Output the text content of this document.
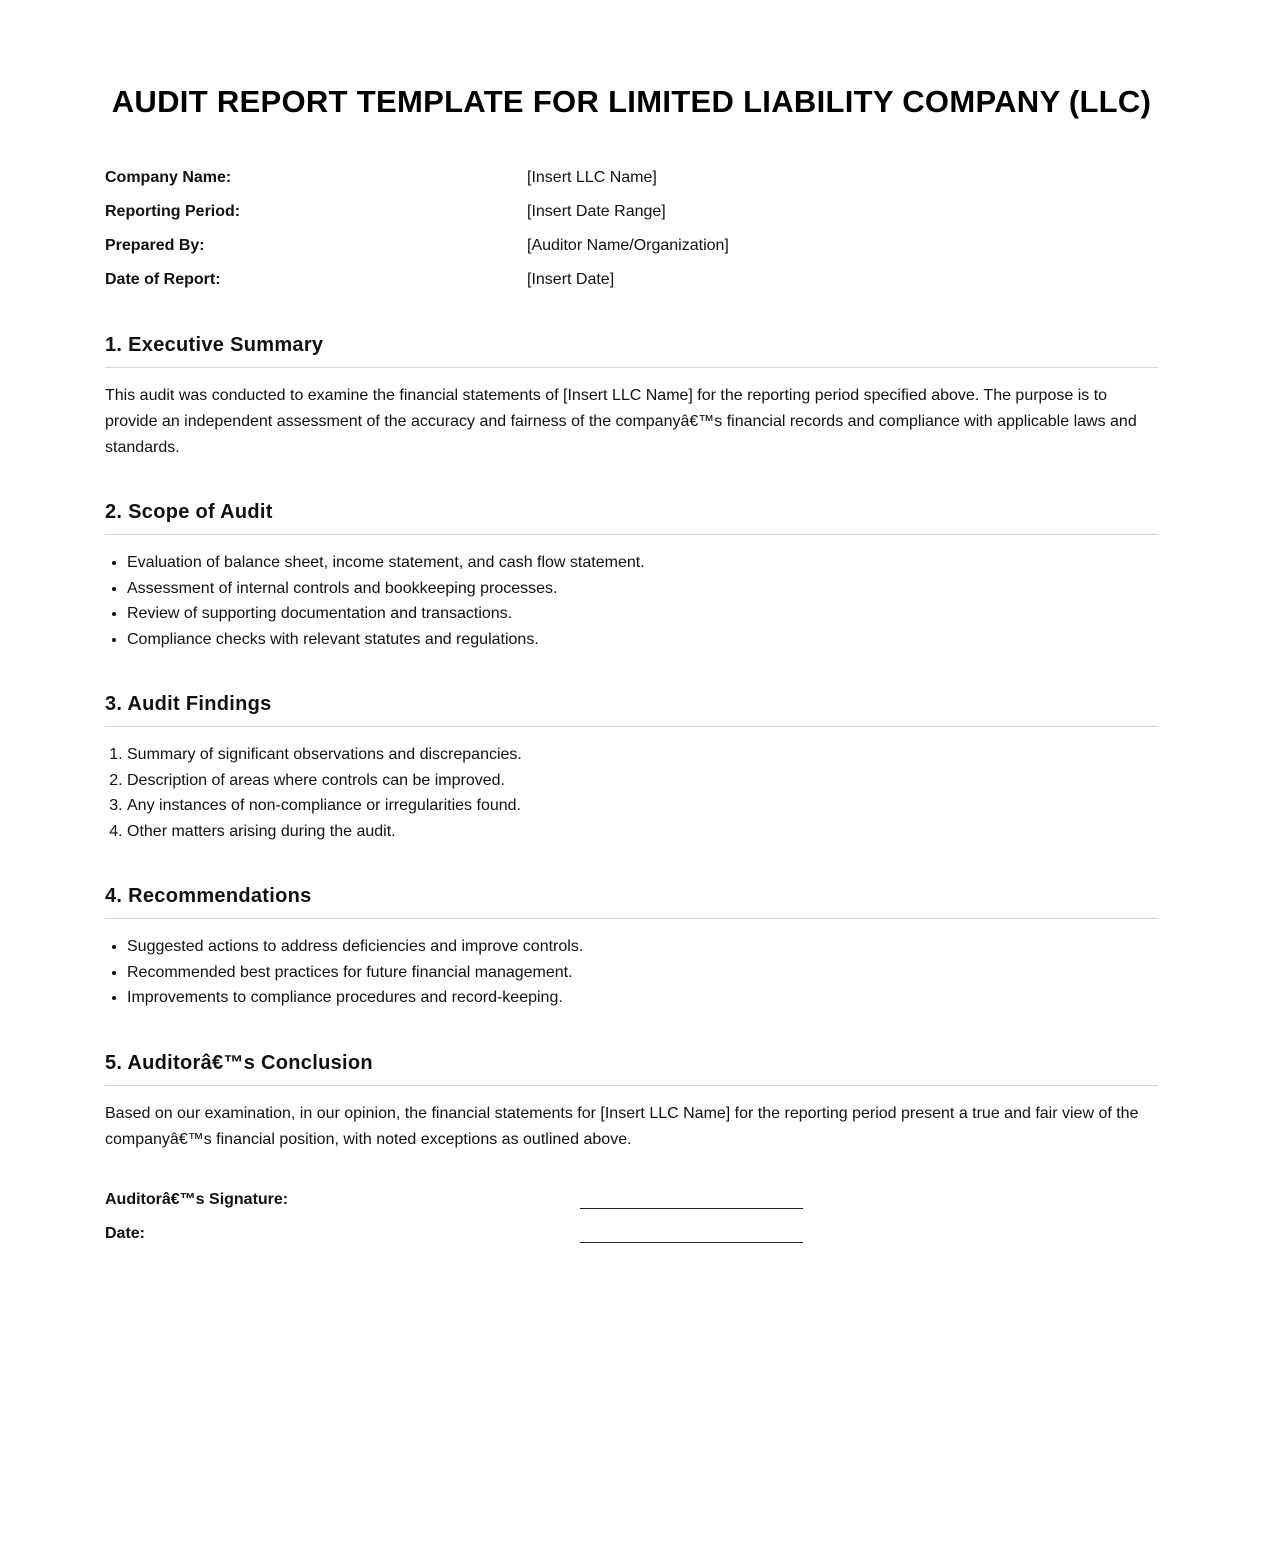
AUDIT REPORT TEMPLATE FOR LIMITED LIABILITY COMPANY (LLC)
Company Name:	[Insert LLC Name]
Reporting Period:	[Insert Date Range]
Prepared By:	[Auditor Name/Organization]
Date of Report:	[Insert Date]
1. Executive Summary

This audit was conducted to examine the financial statements of [Insert LLC Name] for the reporting period specified above. The purpose is to provide an independent assessment of the accuracy and fairness of the companyâ€™s financial records and compliance with applicable laws and standards.

2. Scope of Audit
• Evaluation of balance sheet, income statement, and cash flow statement.
• Assessment of internal controls and bookkeeping processes.
• Review of supporting documentation and transactions.
• Compliance checks with relevant statutes and regulations.
3. Audit Findings
1. Summary of significant observations and discrepancies.
2. Description of areas where controls can be improved.
3. Any instances of non-compliance or irregularities found.
4. Other matters arising during the audit.
4. Recommendations
• Suggested actions to address deficiencies and improve controls.
• Recommended best practices for future financial management.
• Improvements to compliance procedures and record-keeping.
5. Auditorâ€™s Conclusion

Based on our examination, in our opinion, the financial statements for [Insert LLC Name] for the reporting period present a true and fair view of the companyâ€™s financial position, with noted exceptions as outlined above.

Auditorâ€™s Signature:
Date:
